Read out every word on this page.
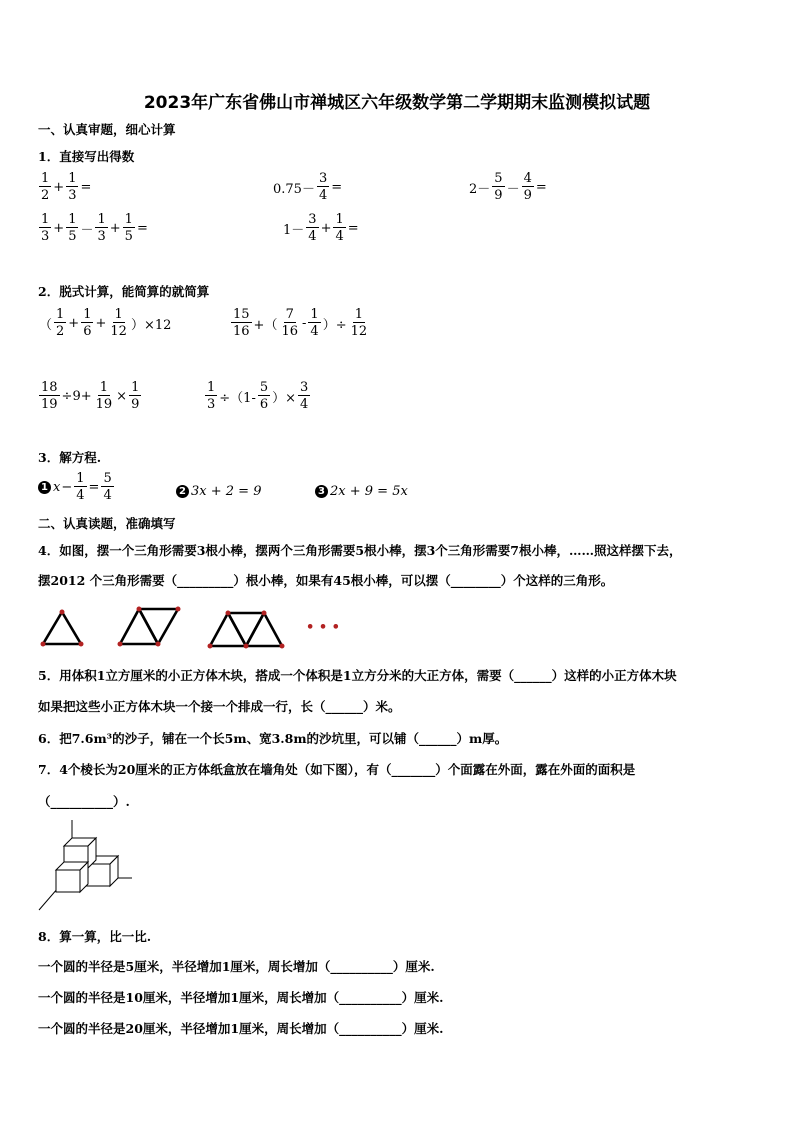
2023年广东省佛山市禅城区六年级数学第二学期期末监测模拟试题
一、认真审题，细心计算
1．直接写出得数
$\frac{1}{2} + \frac{1}{3}$ =	$0.75- \frac{3}{4}$ =	$2- \frac{5}{9} - \frac{4}{9}$ =
$\frac{1}{3} + \frac{1}{5} - \frac{1}{3} + \frac{1}{5}$ =	$1- \frac{3}{4} + \frac{1}{4}$ =
2．脱式计算，能简算的就简算
（ $\frac{1}{2} + \frac{1}{6} + \frac{1}{12} )\times 12$	$\frac{15}{16}$ +（ $\frac{7}{16} - \frac{1}{4}$ ）÷ $\frac{1}{12}$
$\frac{18}{19} \div 9+ \frac{1}{19} \times \frac{1}{9}$	$\frac{1}{3} \div(1- \frac{5}{6}$ ）× $\frac{3}{4}$
3．解方程.
1 $x - \frac{1}{4} = \frac{5}{4}$	2 3x + 2 = 9	3 2x + 9 = 5x
二、认真读题，准确填写
4．如图，摆一个三角形需要3根小棒，摆两个三角形需要5根小棒，摆3个三角形需要7根小棒，……照这样摆下去，
摆2012 个三角形需要（_________）根小棒，如果有45根小棒，可以摆（________）个这样的三角形。
• • •
5．用体积1立方厘米的小正方体木块，搭成一个体积是1立方分米的大正方体，需要（______）这样的小正方体木块
如果把这些小正方体木块一个接一个排成一行，长（______）米。
6．把7.6m³的沙子，铺在一个长5m、宽3.8m的沙坑里，可以铺（______）m厚。
7．4个棱长为20厘米的正方体纸盒放在墙角处（如下图），有（_______）个面露在外面，露在外面的面积是
（__________）.
8．算一算，比一比.
一个圆的半径是5厘米，半径增加1厘米，周长增加（__________）厘米.
一个圆的半径是10厘米，半径增加1厘米，周长增加（__________）厘米.
一个圆的半径是20厘米，半径增加1厘米，周长增加（__________）厘米.
